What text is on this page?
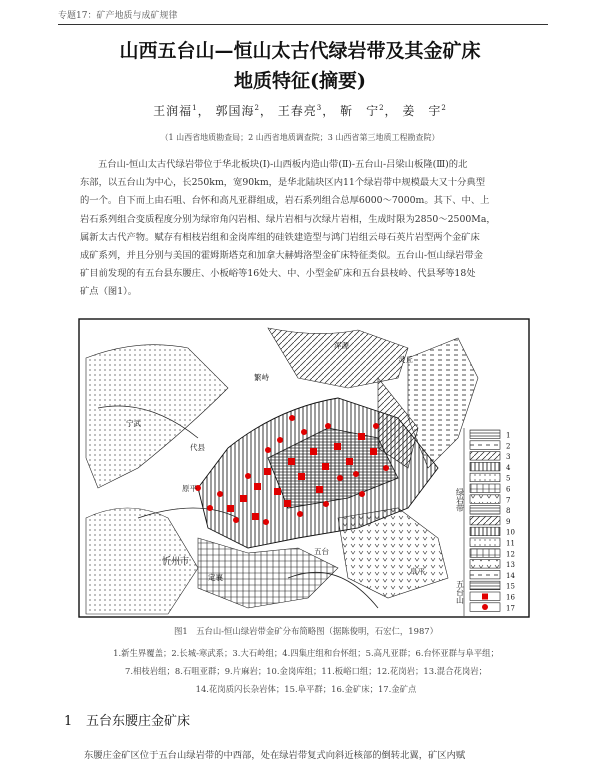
专题17：矿产地质与成矿规律
山西五台山—恒山太古代绿岩带及其金矿床
地质特征(摘要)
王润福$^1$， 郭国海$^2$， 王春亮$^3$， 靳　宁$^2$， 姜　宇$^2$
（1 山西省地质勘查局；2 山西省地质调查院；3 山西省第三地质工程勘查院）
五台山-恒山太古代绿岩带位于华北板块(Ⅰ)-山西板内造山带(Ⅱ)-五台山-吕梁山板隆(Ⅲ)的北
东部，以五台山为中心，长250km，宽90km，是华北陆块区内11个绿岩带中规模最大又十分典型
的一个。自下而上由石咀、台怀和高凡亚群组成，岩石系列组合总厚6000～7000m。其下、中、上
岩石系列组合变质程度分别为绿帘角闪岩相、绿片岩相与次绿片岩相，生成时限为2850～2500Ma，
属新太古代产物。赋存有相枝岩组和金岗库组的硅铁建造型与鸿门岩组云母石英片岩型两个金矿床
成矿系列，并且分别与美国的霍姆斯塔克和加拿大赫姆洛型金矿床特征类似。五台山-恒山绿岩带金
矿目前发现的有五台县东腰庄、小板峪等16处大、中、小型金矿床和五台县枝岭、代县琴等18处
矿点（图1）。
原平
忻州市
宁武
繁峙
代县
五台
定襄
阜平
灵丘
浑源
1
2
3
4
5
6
7
8
9
10
11
12
13
14
15
16
17
绿岩带
五台山
图1　五台山-恒山绿岩带金矿分布简略图（据陈俊明，石宏仁，1987）
1.新生界覆盖；2.长城-寒武系；3.大石岭组；4.四集庄组和台怀组；5.高凡亚群；6.台怀亚群与阜平组；
7.相枝岩组；8.石咀亚群；9.片麻岩；10.金岗库组；11.板峪口组；12.花岗岩；13.混合花岗岩；
14.花岗质闪长杂岩体；15.阜平群；16.金矿床；17.金矿点
1 五台东腰庄金矿床
东腰庄金矿区位于五台山绿岩带的中西部，处在绿岩带复式向斜近核部的倒转北翼，矿区内赋
